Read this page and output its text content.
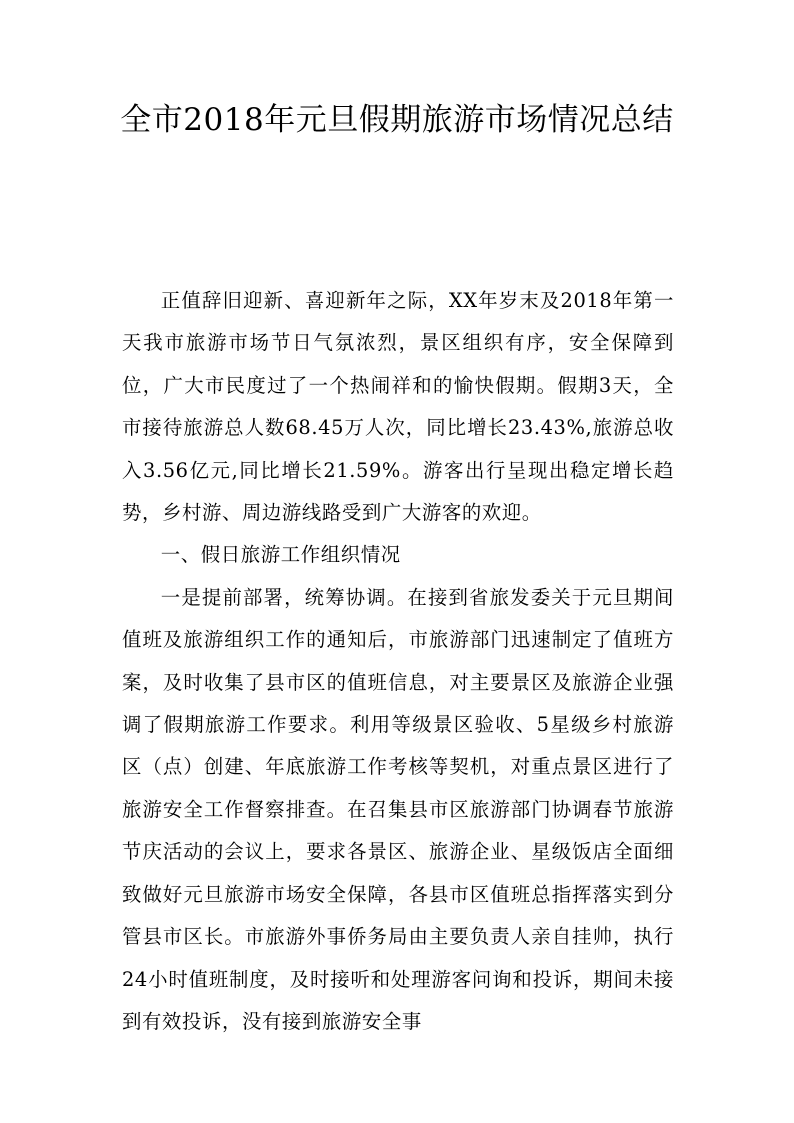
全市2018年元旦假期旅游市场情况总结

正值辞旧迎新、喜迎新年之际，XX年岁末及2018年第一天我市旅游市场节日气氛浓烈，景区组织有序，安全保障到位，广大市民度过了一个热闹祥和的愉快假期。假期3天，全市接待旅游总人数68.45万人次，同比增长23.43%,旅游总收入3.56亿元,同比增长21.59%。游客出行呈现出稳定增长趋势，乡村游、周边游线路受到广大游客的欢迎。

一、假日旅游工作组织情况

一是提前部署，统筹协调。在接到省旅发委关于元旦期间值班及旅游组织工作的通知后，市旅游部门迅速制定了值班方案，及时收集了县市区的值班信息，对主要景区及旅游企业强调了假期旅游工作要求。利用等级景区验收、5星级乡村旅游区（点）创建、年底旅游工作考核等契机，对重点景区进行了旅游安全工作督察排查。在召集县市区旅游部门协调春节旅游节庆活动的会议上，要求各景区、旅游企业、星级饭店全面细致做好元旦旅游市场安全保障，各县市区值班总指挥落实到分管县市区长。市旅游外事侨务局由主要负责人亲自挂帅，执行24小时值班制度，及时接听和处理游客问询和投诉，期间未接到有效投诉，没有接到旅游安全事
